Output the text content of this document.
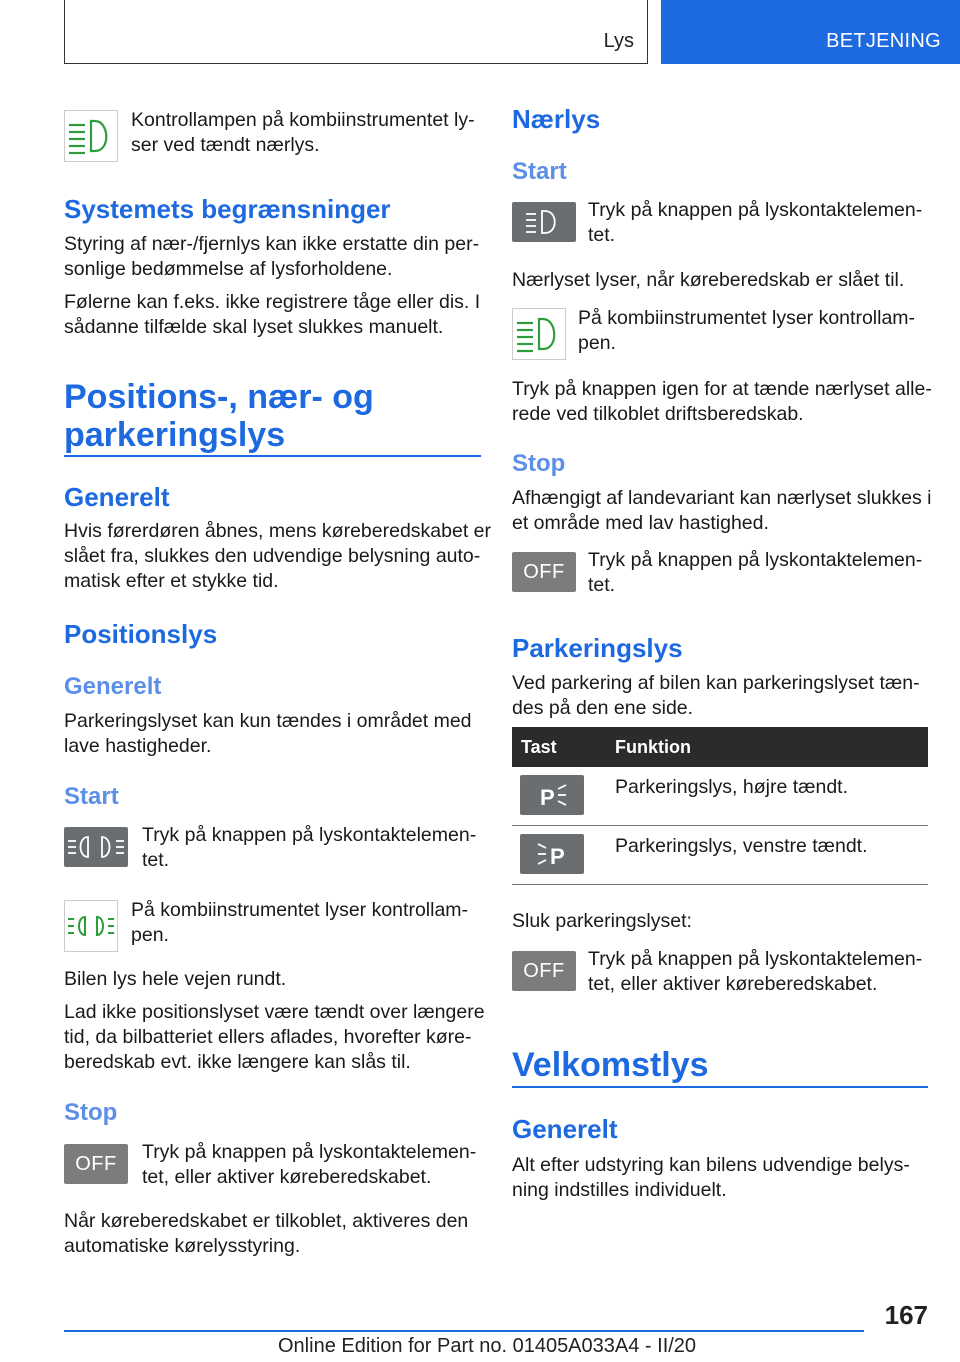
Lys	BETJENING

Kontrollampen på kombiinstrumentet ly-
ser ved tændt nærlys.

Systemets begrænsninger

Styring af nær-/fjernlys kan ikke erstatte din per-
sonlige bedømmelse af lysforholdene.

Følerne kan f.eks. ikke registrere tåge eller dis. I
sådanne tilfælde skal lyset slukkes manuelt.

Positions-, nær- og
parkeringslys
Generelt

Hvis førerdøren åbnes, mens køreberedskabet er
slået fra, slukkes den udvendige belysning auto-
matisk efter et stykke tid.

Positionslys
Generelt

Parkeringslyset kan kun tændes i området med
lave hastigheder.

Start

Tryk på knappen på lyskontaktelemen-
tet.

På kombiinstrumentet lyser kontrollam-
pen.

Bilen lys hele vejen rundt.

Lad ikke positionslyset være tændt over længere
tid, da bilbatteriet ellers aflades, hvorefter køre-
beredskab evt. ikke længere kan slås til.

Stop
OFF

Tryk på knappen på lyskontaktelemen-
tet, eller aktiver køreberedskabet.

Når køreberedskabet er tilkoblet, aktiveres den
automatiske kørelysstyring.

Nærlys
Start

Tryk på knappen på lyskontaktelemen-
tet.

Nærlyset lyser, når køreberedskab er slået til.

På kombiinstrumentet lyser kontrollam-
pen.

Tryk på knappen igen for at tænde nærlyset alle-
rede ved tilkoblet driftsberedskab.

Stop

Afhængigt af landevariant kan nærlyset slukkes i
et område med lav hastighed.

OFF

Tryk på knappen på lyskontaktelemen-
tet.

Parkeringslys

Ved parkering af bilen kan parkeringslyset tæn-
des på den ene side.

Tast	Funktion
P	Parkeringslys, højre tændt.

P	Parkeringslys, venstre tændt.

Sluk parkeringslyset:

OFF

Tryk på knappen på lyskontaktelemen-
tet, eller aktiver køreberedskabet.

Velkomstlys
Generelt

Alt efter udstyring kan bilens udvendige belys-
ning indstilles individuelt.

167
Online Edition for Part no. 01405A033A4 - II/20
